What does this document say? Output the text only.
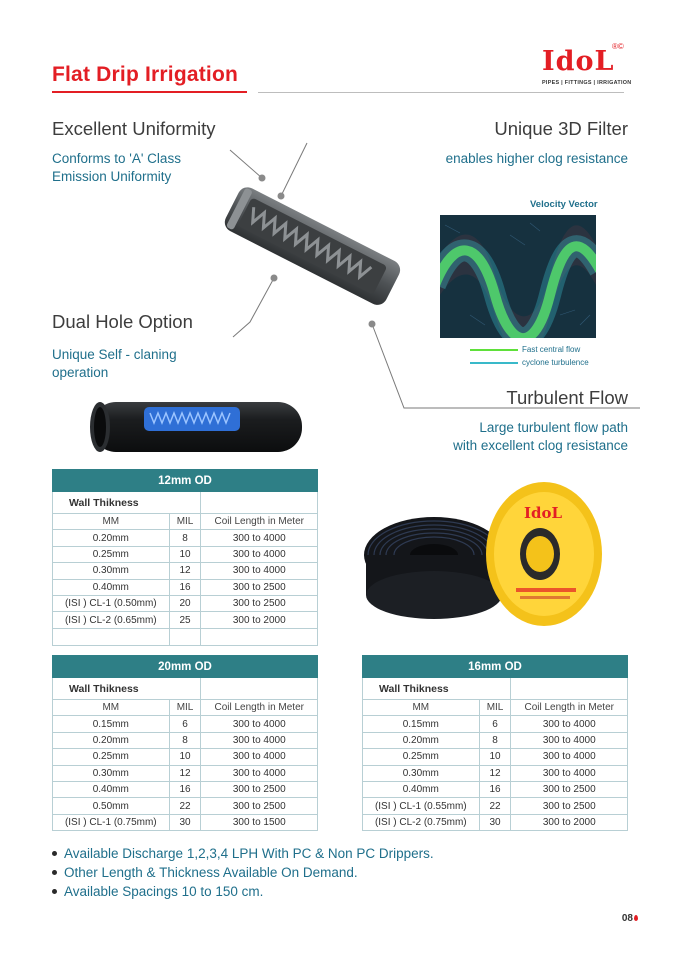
Flat Drip Irrigation	IdoL
®©
PIPES | FITTINGS | IRRIGATION
Excellent Uniformity
Conforms to 'A' Class
Emission Uniformity
Unique 3D Filter
enables higher clog resistance
Dual Hole Option
Unique Self - claning
operation
Turbulent Flow
Large turbulent flow path
with excellent clog resistance
Velocity Vector
Fast central flow
cyclone turbulence
IdoL
12mm OD		
Wall Thikness		
MM	MIL	Coil Length in Meter
0.20mm	8	300 to 4000
0.25mm	10	300 to 4000
0.30mm	12	300 to 4000
0.40mm	16	300 to 2500
(ISI ) CL-1 (0.50mm)	20	300 to 2500
(ISI ) CL-2 (0.65mm)	25	300 to 2000

20mm OD		
Wall Thikness		
MM	MIL	Coil Length in Meter
0.15mm	6	300 to 4000
0.20mm	8	300 to 4000
0.25mm	10	300 to 4000
0.30mm	12	300 to 4000
0.40mm	16	300 to 2500
0.50mm	22	300 to 2500
(ISI ) CL-1 (0.75mm)	30	300 to 1500
16mm OD		
Wall Thikness		
MM	MIL	Coil Length in Meter
0.15mm	6	300 to 4000
0.20mm	8	300 to 4000
0.25mm	10	300 to 4000
0.30mm	12	300 to 4000
0.40mm	16	300 to 2500
(ISI ) CL-1 (0.55mm)	22	300 to 2500
(ISI ) CL-2 (0.75mm)	30	300 to 2000
Available Discharge 1,2,3,4 LPH With PC & Non PC Drippers.
Other Length & Thickness Available On Demand.
Available Spacings 10 to 150 cm.
08
